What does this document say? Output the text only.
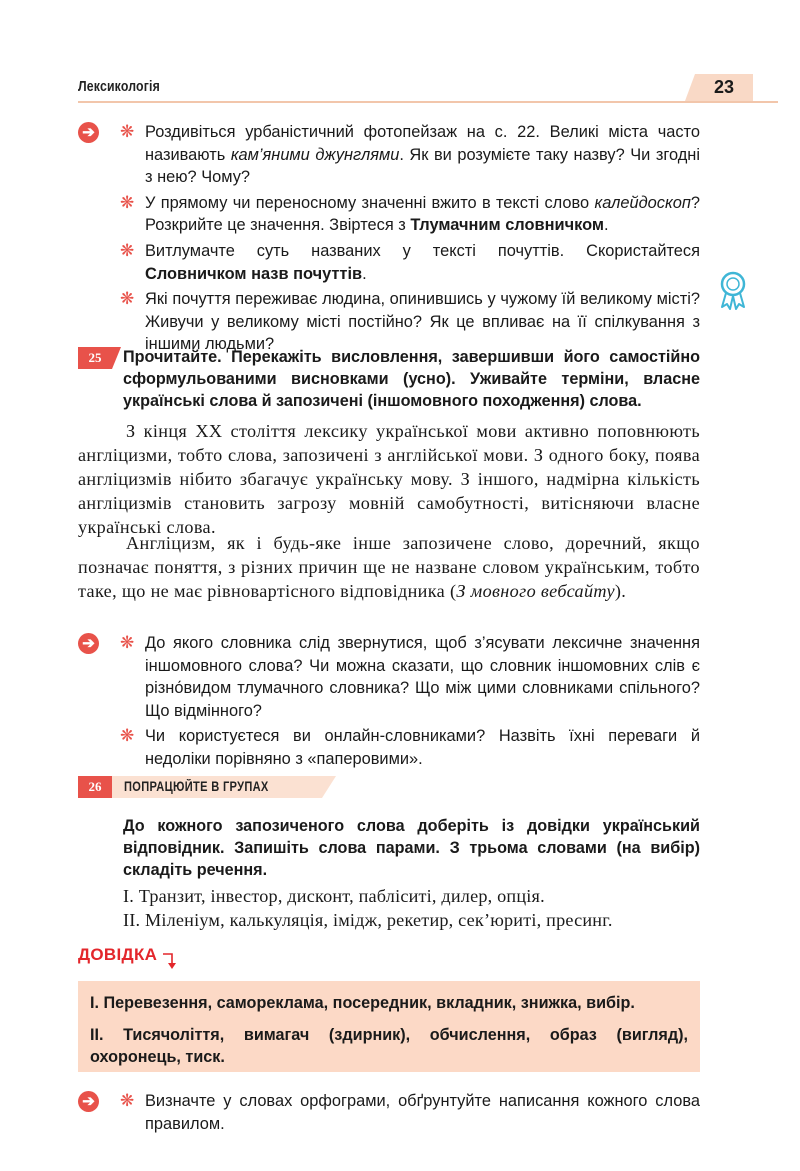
Лексикологія	23
➔ ❋ Роздивіться урбаністичний фотопейзаж на с. 22. Великі міста часто називають кам’яними джунглями. Як ви розумієте таку назву? Чи згодні з нею? Чому?
❋ У прямому чи переносному значенні вжито в тексті слово калейдоскоп? Розкрийте це значення. Звіртеся з Тлумачним словничком.
❋ Витлумачте суть названих у тексті почуттів. Скористайтеся Словничком назв почуттів.
❋ Які почуття переживає людина, опинившись у чужому їй великому місті? Живучи у великому місті постійно? Як це впливає на її спілкування з іншими людьми?
25	Прочитайте. Перекажіть висловлення, завершивши його самостійно сформульованими висновками (усно). Уживайте терміни, власне українські слова й запозичені (іншомовного походження) слова.
З кінця XX століття лексику української мови активно поповнюють англіцизми, тобто слова, запозичені з англійської мови. З одного боку, поява англіцизмів нібито збагачує українську мову. З іншого, надмірна кількість англіцизмів становить загрозу мовній самобутності, витісняючи власне українські слова.
Англіцизм, як і будь-яке інше запозичене слово, доречний, якщо позначає поняття, з різних причин ще не назване словом українським, тобто таке, що не має рівновартісного відповідника (З мовного вебсайту).
➔ ❋ До якого словника слід звернутися, щоб з’ясувати лексичне значення іншомовного слова? Чи можна сказати, що словник іншомовних слів є різно́видом тлумачного словника? Що між цими словниками спільного? Що відмінного?
❋ Чи користуєтеся ви онлайн-словниками? Назвіть їхні переваги й недоліки порівняно з «паперовими».
26	ПОПРАЦЮЙТЕ В ГРУПАХ
До кожного запозиченого слова доберіть із довідки український відповідник. Запишіть слова парами. З трьома словами (на вибір) складіть речення.
I. Транзит, інвестор, дисконт, пабліситі, дилер, опція.
II. Міленіум, калькуляція, імідж, рекетир, сек’юриті, пресинг.
ДОВІДКА
I. Перевезення, самореклама, посередник, вкладник, знижка, вибір.
II. Тисячоліття, вимагач (здирник), обчислення, образ (вигляд), охоронець, тиск.
➔ ❋ Визначте у словах орфограми, обґрунтуйте написання кожного слова правилом.
